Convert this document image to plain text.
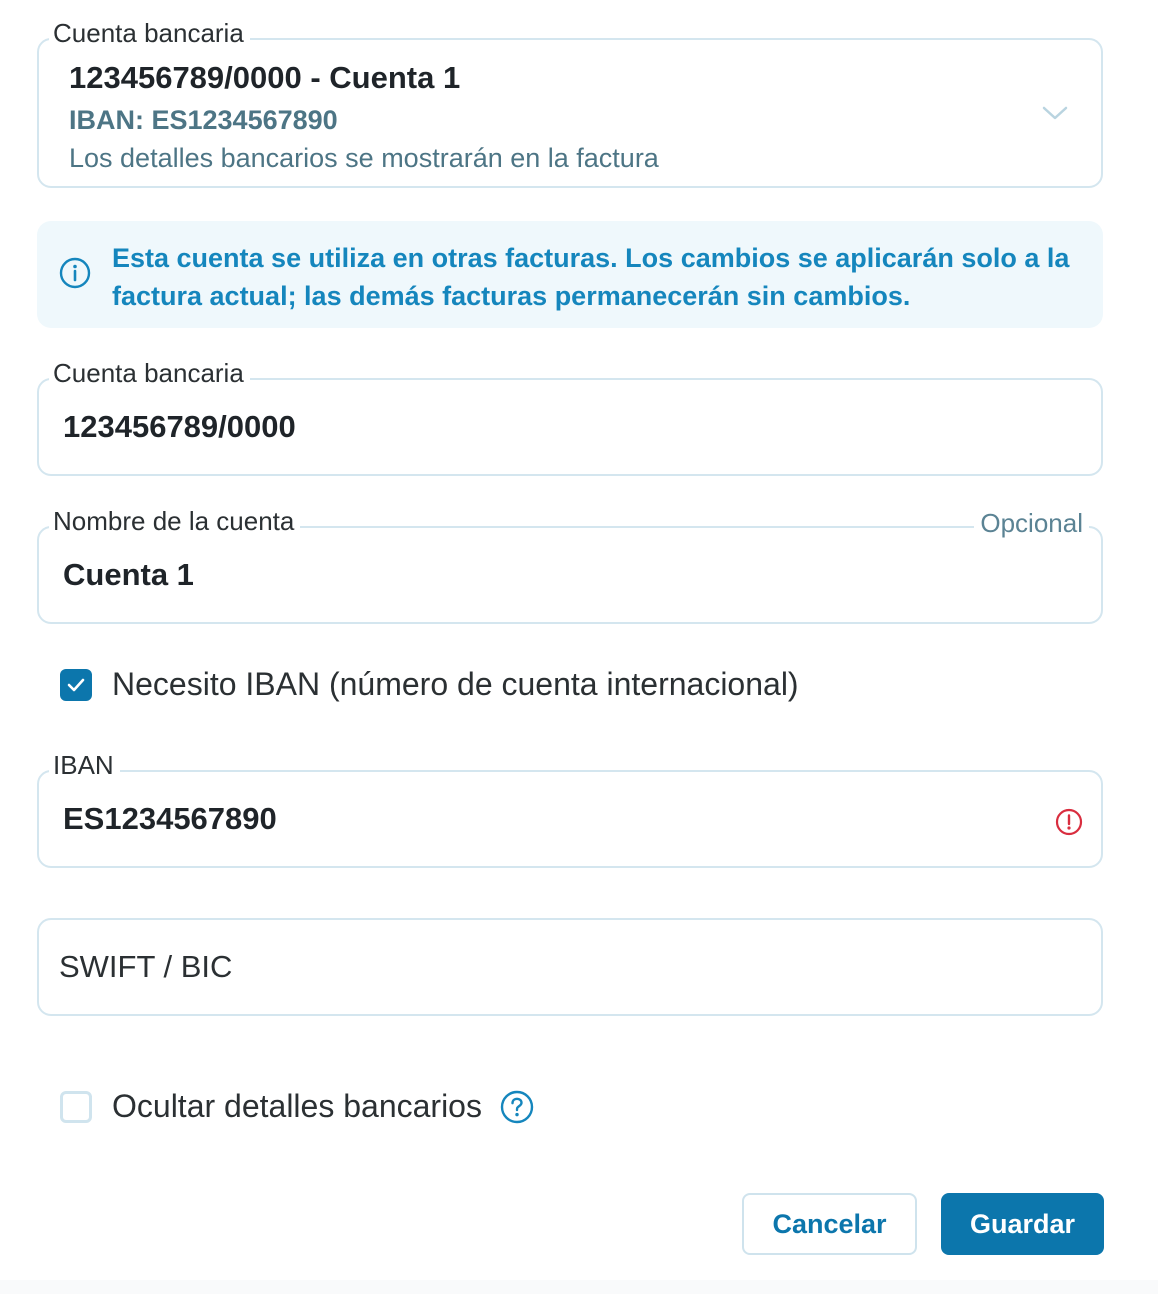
Cuenta bancaria
123456789/0000 - Cuenta 1
IBAN: ES1234567890
Los detalles bancarios se mostrarán en la factura
Esta cuenta se utiliza en otras facturas. Los cambios se aplicarán solo a la factura actual; las demás facturas permanecerán sin cambios.
Cuenta bancaria
123456789/0000
Nombre de la cuenta	Opcional
Cuenta 1
Necesito IBAN (número de cuenta internacional)
IBAN
ES1234567890
SWIFT / BIC
Ocultar detalles bancarios
Cancelar	Guardar
